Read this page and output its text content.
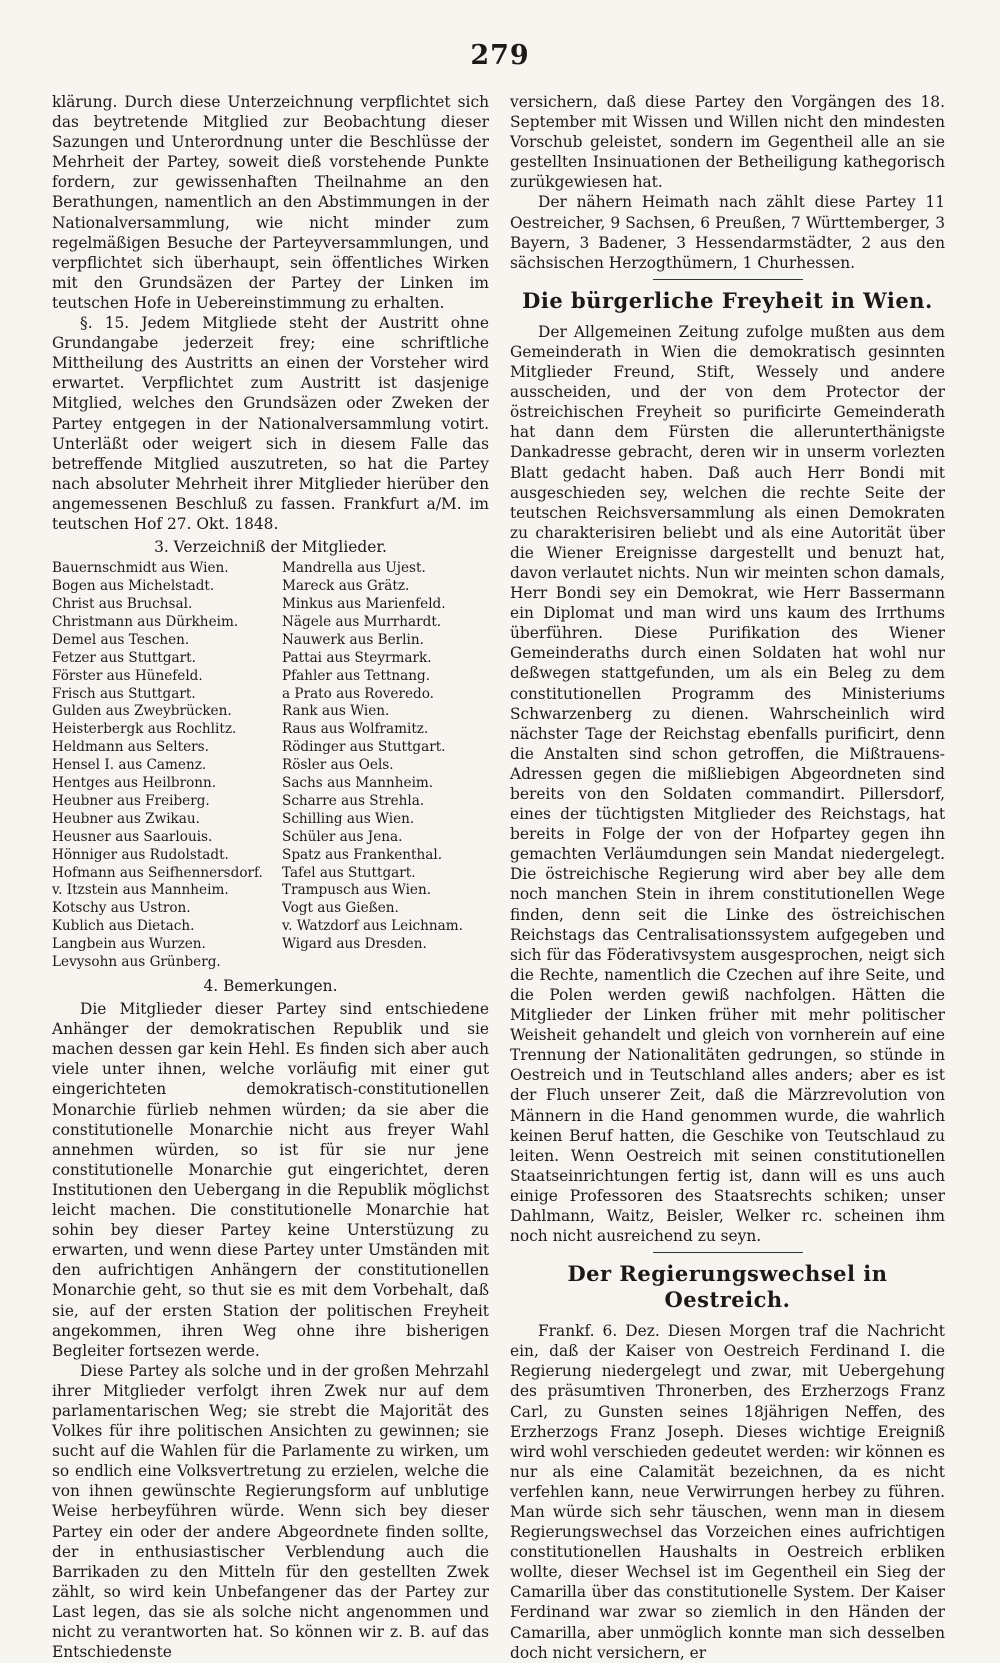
279

klärung. Durch diese Unterzeichnung verpflichtet sich das beytretende Mitglied zur Beobachtung dieser Sazungen und Unterordnung unter die Beschlüsse der Mehrheit der Partey, soweit dieß vorstehende Punkte fordern, zur gewissenhaften Theilnahme an den Berathungen, namentlich an den Abstimmungen in der Nationalversammlung, wie nicht minder zum regelmäßigen Besuche der Parteyversammlungen, und verpflichtet sich überhaupt, sein öffentliches Wirken mit den Grundsäzen der Partey der Linken im teutschen Hofe in Uebereinstimmung zu erhalten.

§. 15. Jedem Mitgliede steht der Austritt ohne Grundangabe jederzeit frey; eine schriftliche Mittheilung des Austritts an einen der Vorsteher wird erwartet. Verpflichtet zum Austritt ist dasjenige Mitglied, welches den Grundsäzen oder Zweken der Partey entgegen in der Nationalversammlung votirt. Unterläßt oder weigert sich in diesem Falle das betreffende Mitglied auszutreten, so hat die Partey nach absoluter Mehrheit ihrer Mitglieder hierüber den angemessenen Beschluß zu fassen. Frankfurt a/M. im teutschen Hof 27. Okt. 1848.

3. Verzeichniß der Mitglieder.
Bauernschmidt aus Wien.
Bogen aus Michelstadt.
Christ aus Bruchsal.
Christmann aus Dürkheim.
Demel aus Teschen.
Fetzer aus Stuttgart.
Förster aus Hünefeld.
Frisch aus Stuttgart.
Gulden aus Zweybrücken.
Heisterbergk aus Rochlitz.
Heldmann aus Selters.
Hensel I. aus Camenz.
Hentges aus Heilbronn.
Heubner aus Freiberg.
Heubner aus Zwikau.
Heusner aus Saarlouis.
Hönniger aus Rudolstadt.
Hofmann aus Seifhennersdorf.
v. Itzstein aus Mannheim.
Kotschy aus Ustron.
Kublich aus Dietach.
Langbein aus Wurzen.
Levysohn aus Grünberg.
Mandrella aus Ujest.
Mareck aus Grätz.
Minkus aus Marienfeld.
Nägele aus Murrhardt.
Nauwerk aus Berlin.
Pattai aus Steyrmark.
Pfahler aus Tettnang.
a Prato aus Roveredo.
Rank aus Wien.
Raus aus Wolframitz.
Rödinger aus Stuttgart.
Rösler aus Oels.
Sachs aus Mannheim.
Scharre aus Strehla.
Schilling aus Wien.
Schüler aus Jena.
Spatz aus Frankenthal.
Tafel aus Stuttgart.
Trampusch aus Wien.
Vogt aus Gießen.
v. Watzdorf aus Leichnam.
Wigard aus Dresden.
4. Bemerkungen.

Die Mitglieder dieser Partey sind entschiedene Anhänger der demokratischen Republik und sie machen dessen gar kein Hehl. Es finden sich aber auch viele unter ihnen, welche vorläufig mit einer gut eingerichteten demokratisch-constitutionellen Monarchie fürlieb nehmen würden; da sie aber die constitutionelle Monarchie nicht aus freyer Wahl annehmen würden, so ist für sie nur jene constitutionelle Monarchie gut eingerichtet, deren Institutionen den Uebergang in die Republik möglichst leicht machen. Die constitutionelle Monarchie hat sohin bey dieser Partey keine Unterstüzung zu erwarten, und wenn diese Partey unter Umständen mit den aufrichtigen Anhängern der constitutionellen Monarchie geht, so thut sie es mit dem Vorbehalt, daß sie, auf der ersten Station der politischen Freyheit angekommen, ihren Weg ohne ihre bisherigen Begleiter fortsezen werde.

Diese Partey als solche und in der großen Mehrzahl ihrer Mitglieder verfolgt ihren Zwek nur auf dem parlamentarischen Weg; sie strebt die Majorität des Volkes für ihre politischen Ansichten zu gewinnen; sie sucht auf die Wahlen für die Parlamente zu wirken, um so endlich eine Volksvertretung zu erzielen, welche die von ihnen gewünschte Regierungsform auf unblutige Weise herbeyführen würde. Wenn sich bey dieser Partey ein oder der andere Abgeordnete finden sollte, der in enthusiastischer Verblendung auch die Barrikaden zu den Mitteln für den gestellten Zwek zählt, so wird kein Unbefangener das der Partey zur Last legen, das sie als solche nicht angenommen und nicht zu verantworten hat. So können wir z. B. auf das Entschiedenste

versichern, daß diese Partey den Vorgängen des 18. September mit Wissen und Willen nicht den mindesten Vorschub geleistet, sondern im Gegentheil alle an sie gestellten Insinuationen der Betheiligung kathegorisch zurükgewiesen hat.

Der nähern Heimath nach zählt diese Partey 11 Oestreicher, 9 Sachsen, 6 Preußen, 7 Württemberger, 3 Bayern, 3 Badener, 3 Hessendarmstädter, 2 aus den sächsischen Herzogthümern, 1 Churhessen.

Die bürgerliche Freyheit in Wien.

Der Allgemeinen Zeitung zufolge mußten aus dem Gemeinderath in Wien die demokratisch gesinnten Mitglieder Freund, Stift, Wessely und andere ausscheiden, und der von dem Protector der östreichischen Freyheit so purificirte Gemeinderath hat dann dem Fürsten die allerunterthänigste Dankadresse gebracht, deren wir in unserm vorlezten Blatt gedacht haben. Daß auch Herr Bondi mit ausgeschieden sey, welchen die rechte Seite der teutschen Reichsversammlung als einen Demokraten zu charakterisiren beliebt und als eine Autorität über die Wiener Ereignisse dargestellt und benuzt hat, davon verlautet nichts. Nun wir meinten schon damals, Herr Bondi sey ein Demokrat, wie Herr Bassermann ein Diplomat und man wird uns kaum des Irrthums überführen. Diese Purifikation des Wiener Gemeinderaths durch einen Soldaten hat wohl nur deßwegen stattgefunden, um als ein Beleg zu dem constitutionellen Programm des Ministeriums Schwarzenberg zu dienen. Wahrscheinlich wird nächster Tage der Reichstag ebenfalls purificirt, denn die Anstalten sind schon getroffen, die Mißtrauens-Adressen gegen die mißliebigen Abgeordneten sind bereits von den Soldaten commandirt. Pillersdorf, eines der tüchtigsten Mitglieder des Reichstags, hat bereits in Folge der von der Hofpartey gegen ihn gemachten Verläumdungen sein Mandat niedergelegt. Die östreichische Regierung wird aber bey alle dem noch manchen Stein in ihrem constitutionellen Wege finden, denn seit die Linke des östreichischen Reichstags das Centralisationssystem aufgegeben und sich für das Föderativsystem ausgesprochen, neigt sich die Rechte, namentlich die Czechen auf ihre Seite, und die Polen werden gewiß nachfolgen. Hätten die Mitglieder der Linken früher mit mehr politischer Weisheit gehandelt und gleich von vornherein auf eine Trennung der Nationalitäten gedrungen, so stünde in Oestreich und in Teutschland alles anders; aber es ist der Fluch unserer Zeit, daß die Märzrevolution von Männern in die Hand genommen wurde, die wahrlich keinen Beruf hatten, die Geschike von Teutschlaud zu leiten. Wenn Oestreich mit seinen constitutionellen Staatseinrichtungen fertig ist, dann will es uns auch einige Professoren des Staatsrechts schiken; unser Dahlmann, Waitz, Beisler, Welker rc. scheinen ihm noch nicht ausreichend zu seyn.

Der Regierungswechsel in Oestreich.

Frankf. 6. Dez. Diesen Morgen traf die Nachricht ein, daß der Kaiser von Oestreich Ferdinand I. die Regierung niedergelegt und zwar, mit Uebergehung des präsumtiven Thronerben, des Erzherzogs Franz Carl, zu Gunsten seines 18jährigen Neffen, des Erzherzogs Franz Joseph. Dieses wichtige Ereigniß wird wohl verschieden gedeutet werden: wir können es nur als eine Calamität bezeichnen, da es nicht verfehlen kann, neue Verwirrungen herbey zu führen. Man würde sich sehr täuschen, wenn man in diesem Regierungswechsel das Vorzeichen eines aufrichtigen constitutionellen Haushalts in Oestreich erbliken wollte, dieser Wechsel ist im Gegentheil ein Sieg der Camarilla über das constitutionelle System. Der Kaiser Ferdinand war zwar so ziemlich in den Händen der Camarilla, aber unmöglich konnte man sich desselben doch nicht versichern, er
